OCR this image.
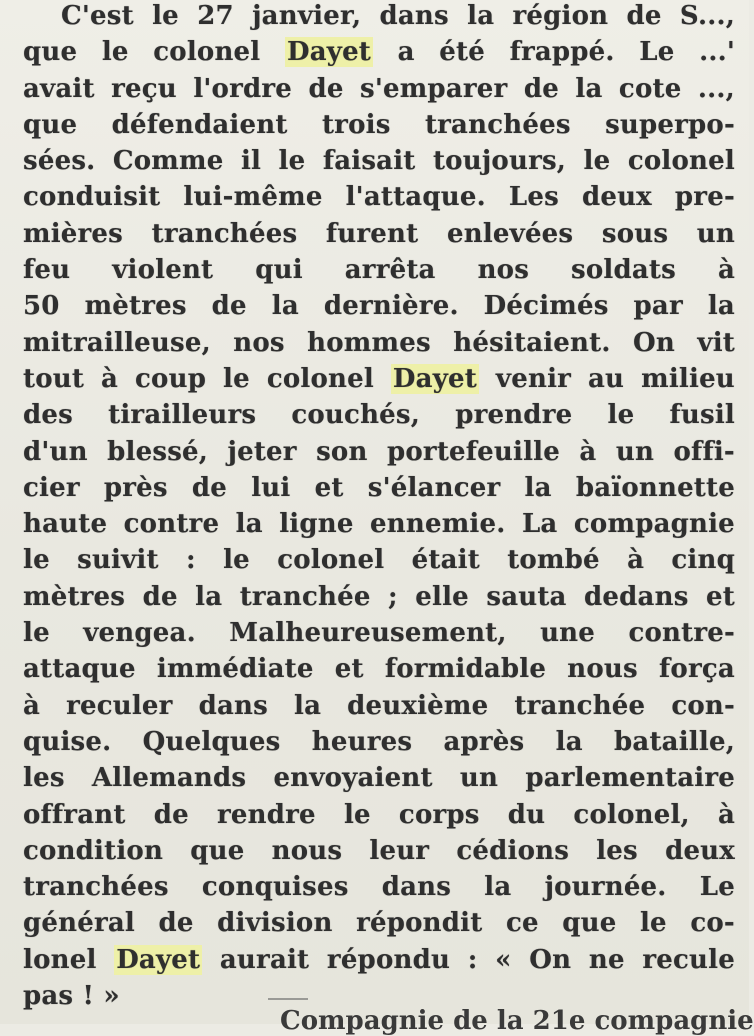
C'est le 27 janvier, dans la région de S...,
que le colonel Dayet a été frappé. Le ...'
avait reçu l'ordre de s'emparer de la cote ...,
que défendaient trois tranchées superpo-
sées. Comme il le faisait toujours, le colonel
conduisit lui-même l'attaque. Les deux pre-
mières tranchées furent enlevées sous un
feu violent qui arrêta nos soldats à
50 mètres de la dernière. Décimés par la
mitrailleuse, nos hommes hésitaient. On vit
tout à coup le colonel Dayet venir au milieu
des tirailleurs couchés, prendre le fusil
d'un blessé, jeter son portefeuille à un offi-
cier près de lui et s'élancer la baïonnette
haute contre la ligne ennemie. La compagnie
le suivit : le colonel était tombé à cinq
mètres de la tranchée ; elle sauta dedans et
le vengea. Malheureusement, une contre-
attaque immédiate et formidable nous força
à reculer dans la deuxième tranchée con-
quise. Quelques heures après la bataille,
les Allemands envoyaient un parlementaire
offrant de rendre le corps du colonel, à
condition que nous leur cédions les deux
tranchées conquises dans la journée. Le
général de division répondit ce que le co-
lonel Dayet aurait répondu : « On ne recule
pas
!
»

Compagnie de la 21e compagnie
